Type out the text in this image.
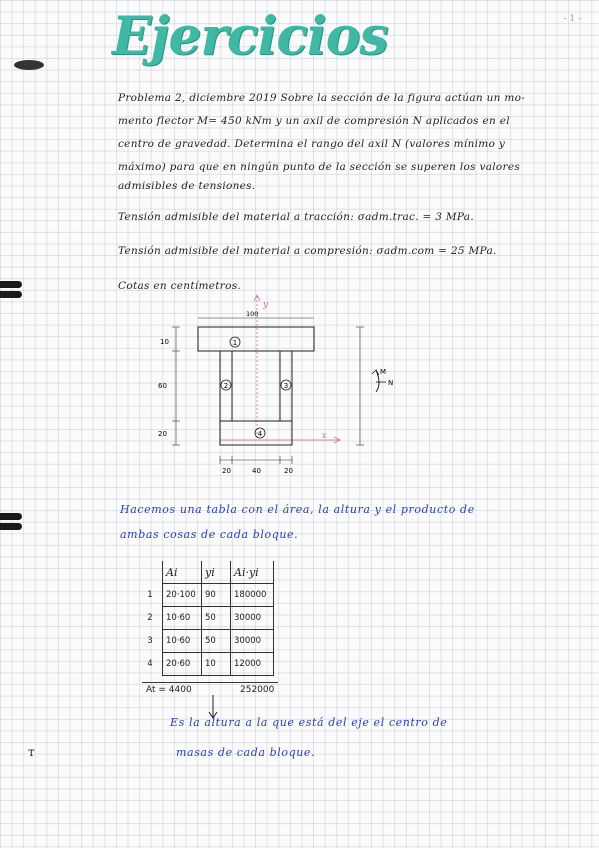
- 1 -
Ejercicios
Problema 2, diciembre 2019 Sobre la sección de la figura actúan un mo-
mento flector M= 450 kNm y un axil de compresión N aplicados en el
centro de gravedad. Determina el rango del axil N (valores mínimo y
máximo) para que en ningún punto de la sección se superen los valores
admisibles de tensiones.
Tensión admisible del material a tracción: σadm.trac. = 3 MPa.
Tensión admisible del material a compresión: σadm.com = 25 MPa.
Cotas en centímetros.
1
2	3
4
10
60
20
20	40	20
100
y
x
M
N
Hacemos una tabla con el área, la altura y el producto de
ambas cosas de cada bloque.
	Ai	yi	Ai·yi
1	20·100	90	180000
2	10·60	50	30000
3	10·60	50	30000
4	20·60	10	12000
At = 4400	252000
Es la altura a la que está del eje el centro de
masas de cada bloque.
ᴛ
